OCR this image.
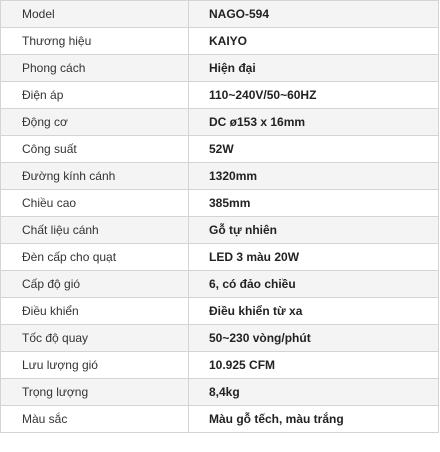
Model	NAGO-594
Thương hiệu	KAIYO
Phong cách	Hiện đại
Điện áp	110~240V/50~60HZ
Động cơ	DC ø153 x 16mm
Công suất	52W
Đường kính cánh	1320mm
Chiều cao	385mm
Chất liệu cánh	Gỗ tự nhiên
Đèn cấp cho quạt	LED 3 màu 20W
Cấp độ gió	6, có đảo chiều
Điều khiển	Điều khiển từ xa
Tốc độ quay	50~230 vòng/phút
Lưu lượng gió	10.925 CFM
Trọng lượng	8,4kg
Màu sắc	Màu gỗ tếch, màu trắng
